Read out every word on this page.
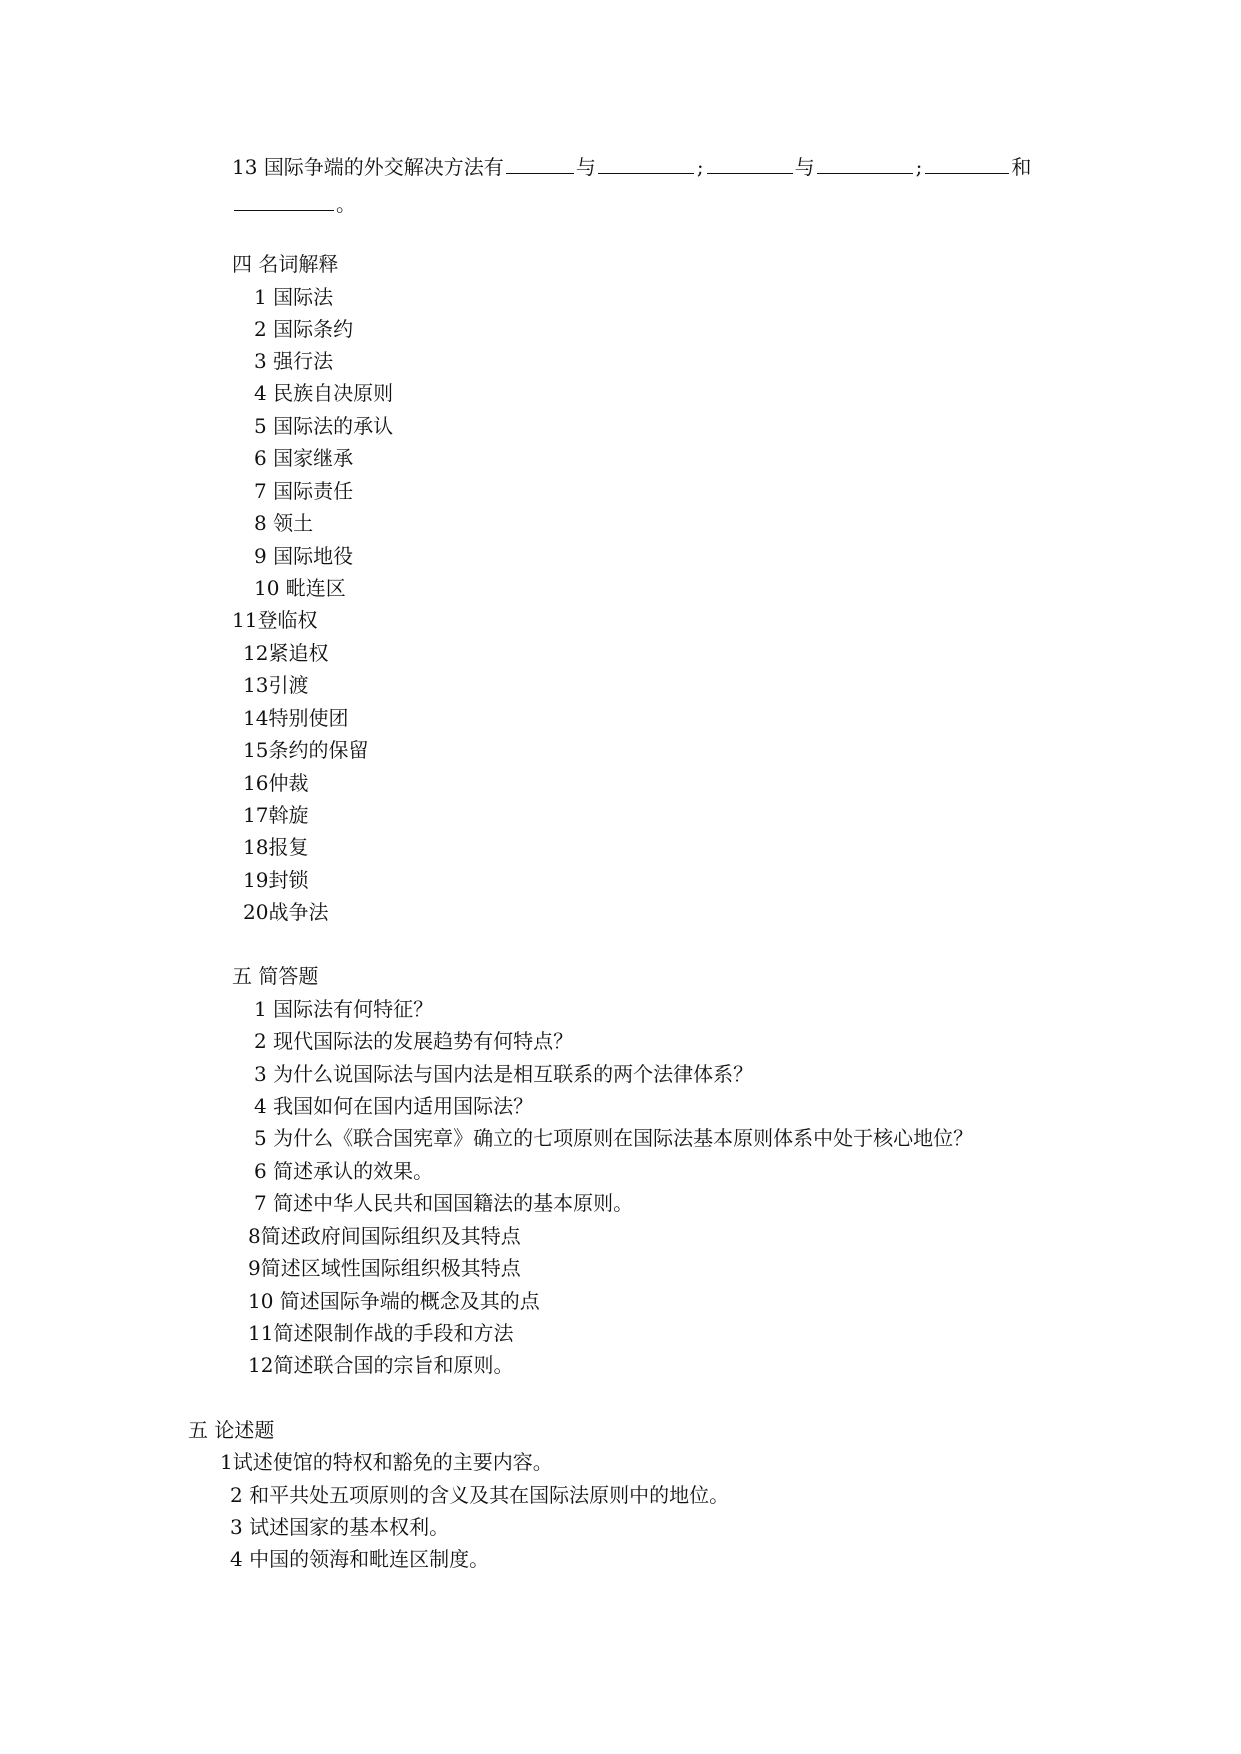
13 国际争端的外交解决方法有	与	;	与	;	和
。
四 名词解释
1 国际法
2 国际条约
3 强行法
4 民族自决原则
5 国际法的承认
6 国家继承
7 国际责任
8 领土
9 国际地役
10 毗连区
11登临权
12紧追权
13引渡
14特别使团
15条约的保留
16仲裁
17斡旋
18报复
19封锁
20战争法
五 简答题
1 国际法有何特征？
2 现代国际法的发展趋势有何特点？
3 为什么说国际法与国内法是相互联系的两个法律体系？
4 我国如何在国内适用国际法？
5 为什么《联合国宪章》确立的七项原则在国际法基本原则体系中处于核心地位？
6 简述承认的效果。
7 简述中华人民共和国国籍法的基本原则。
8简述政府间国际组织及其特点
9简述区域性国际组织极其特点
10 简述国际争端的概念及其的点
11简述限制作战的手段和方法
12简述联合国的宗旨和原则。
五 论述题
1试述使馆的特权和豁免的主要内容。
2 和平共处五项原则的含义及其在国际法原则中的地位。
3 试述国家的基本权利。
4 中国的领海和毗连区制度。
